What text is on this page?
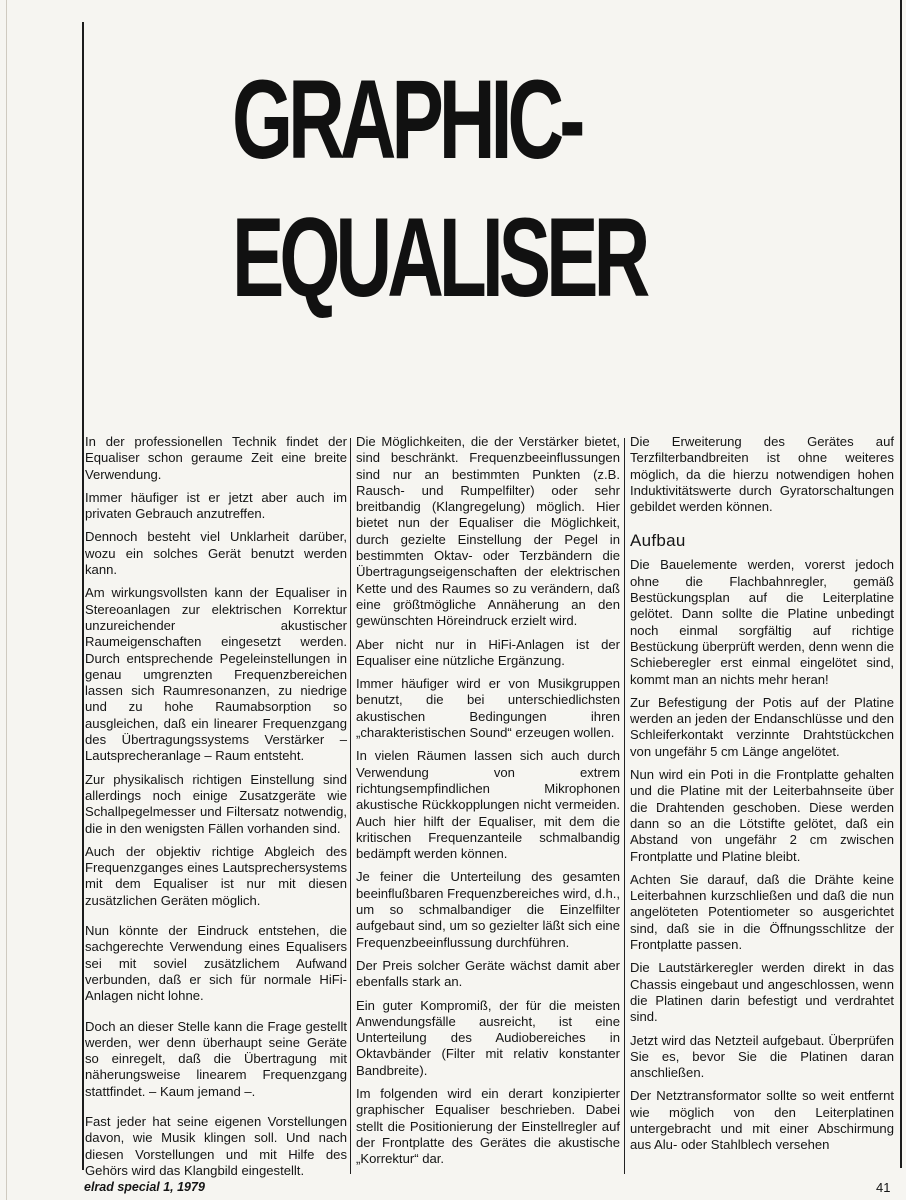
GRAPHIC-
EQUALISER

In der professionellen Technik findet der Equaliser schon geraume Zeit eine breite Verwendung.

Immer häufiger ist er jetzt aber auch im privaten Gebrauch anzutreffen.

Dennoch besteht viel Unklarheit darüber, wozu ein solches Gerät benutzt werden kann.

Am wirkungsvollsten kann der Equaliser in Stereoanlagen zur elektrischen Korrektur unzureichender akustischer Raumeigenschaften eingesetzt werden. Durch entsprechende Pegeleinstellungen in genau umgrenzten Frequenzbereichen lassen sich Raumresonanzen, zu niedrige und zu hohe Raumabsorption so ausgleichen, daß ein linearer Frequenzgang des Übertragungssystems Verstärker – Lautsprecheranlage – Raum entsteht.

Zur physikalisch richtigen Einstellung sind allerdings noch einige Zusatzgeräte wie Schallpegelmesser und Filtersatz notwendig, die in den wenigsten Fällen vorhanden sind.

Auch der objektiv richtige Abgleich des Frequenzganges eines Lautsprechersystems mit dem Equaliser ist nur mit diesen zusätzlichen Geräten möglich.

Nun könnte der Eindruck entstehen, die sachgerechte Verwendung eines Equalisers sei mit soviel zusätzlichem Aufwand verbunden, daß er sich für normale HiFi-Anlagen nicht lohne.

Doch an dieser Stelle kann die Frage gestellt werden, wer denn überhaupt seine Geräte so einregelt, daß die Übertragung mit näherungsweise linearem Frequenzgang stattfindet. – Kaum jemand –.

Fast jeder hat seine eigenen Vorstellungen davon, wie Musik klingen soll. Und nach diesen Vorstellungen und mit Hilfe des Gehörs wird das Klangbild eingestellt.

Die Möglichkeiten, die der Verstärker bietet, sind beschränkt. Frequenzbeeinflussungen sind nur an bestimmten Punkten (z.B. Rausch- und Rumpelfilter) oder sehr breitbandig (Klangregelung) möglich. Hier bietet nun der Equaliser die Möglichkeit, durch gezielte Einstellung der Pegel in bestimmten Oktav- oder Terzbändern die Übertragungseigenschaften der elektrischen Kette und des Raumes so zu verändern, daß eine größtmögliche Annäherung an den gewünschten Höreindruck erzielt wird.

Aber nicht nur in HiFi-Anlagen ist der Equaliser eine nützliche Ergänzung.

Immer häufiger wird er von Musikgruppen benutzt, die bei unterschiedlichsten akustischen Bedingungen ihren „charakteristischen Sound“ erzeugen wollen.

In vielen Räumen lassen sich auch durch Verwendung von extrem richtungsempfindlichen Mikrophonen akustische Rückkopplungen nicht vermeiden. Auch hier hilft der Equaliser, mit dem die kritischen Frequenzanteile schmalbandig bedämpft werden können.

Je feiner die Unterteilung des gesamten beeinflußbaren Frequenzbereiches wird, d.h., um so schmalbandiger die Einzelfilter aufgebaut sind, um so gezielter läßt sich eine Frequenzbeeinflussung durchführen.

Der Preis solcher Geräte wächst damit aber ebenfalls stark an.

Ein guter Kompromiß, der für die meisten Anwendungsfälle ausreicht, ist eine Unterteilung des Audiobereiches in Oktavbänder (Filter mit relativ konstanter Bandbreite).

Im folgenden wird ein derart konzipierter graphischer Equaliser beschrieben. Dabei stellt die Positionierung der Einstellregler auf der Frontplatte des Gerätes die akustische „Korrektur“ dar.

Die Erweiterung des Gerätes auf Terzfilterbandbreiten ist ohne weiteres möglich, da die hierzu notwendigen hohen Induktivitätswerte durch Gyratorschaltungen gebildet werden können.

Aufbau

Die Bauelemente werden, vorerst jedoch ohne die Flachbahnregler, gemäß Bestückungsplan auf die Leiterplatine gelötet. Dann sollte die Platine unbedingt noch einmal sorgfältig auf richtige Bestückung überprüft werden, denn wenn die Schieberegler erst einmal eingelötet sind, kommt man an nichts mehr heran!

Zur Befestigung der Potis auf der Platine werden an jeden der Endanschlüsse und den Schleiferkontakt verzinnte Drahtstückchen von ungefähr 5 cm Länge angelötet.

Nun wird ein Poti in die Frontplatte gehalten und die Platine mit der Leiterbahnseite über die Drahtenden geschoben. Diese werden dann so an die Lötstifte gelötet, daß ein Abstand von ungefähr 2 cm zwischen Frontplatte und Platine bleibt.

Achten Sie darauf, daß die Drähte keine Leiterbahnen kurzschließen und daß die nun angelöteten Potentiometer so ausgerichtet sind, daß sie in die Öffnungsschlitze der Frontplatte passen.

Die Lautstärkeregler werden direkt in das Chassis eingebaut und angeschlossen, wenn die Platinen darin befestigt und verdrahtet sind.

Jetzt wird das Netzteil aufgebaut. Überprüfen Sie es, bevor Sie die Platinen daran anschließen.

Der Netztransformator sollte so weit entfernt wie möglich von den Leiterplatinen untergebracht und mit einer Abschirmung aus Alu- oder Stahlblech versehen

elrad special 1, 1979	41
